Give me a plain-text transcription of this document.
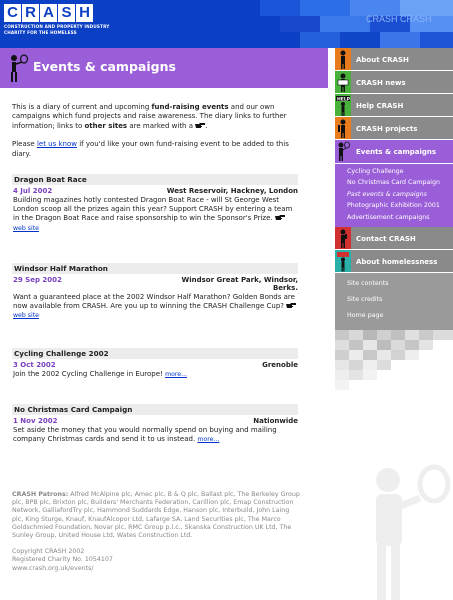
CRASH CRASH
C R A S H
CONSTRUCTION AND PROPERTY INDUSTRY
CHARITY FOR THE HOMELESS
Events & campaigns

This is a diary of current and upcoming fund-raising events and our own campaigns which fund projects and raise awareness. The diary links to further information; links to other sites are marked with a .

Please let us know if you'd like your own fund-raising event to be added to this diary.

Dragon Boat Race
4 Jul 2002	West Reservoir, Hackney, London
Building magazines hotly contested Dragon Boat Race - will St George West London scoop all the prizes again this year? Support CRASH by entering a team in the Dragon Boat Race and raise sponsorship to win the Sponsor's Prize.  web site
Windsor Half Marathon
29 Sep 2002	Windsor Great Park, Windsor, Berks.
Want a guaranteed place at the 2002 Windsor Half Marathon? Golden Bonds are now available from CRASH. Are you up to winning the CRASH Challenge Cup?  web site
Cycling Challenge 2002
3 Oct 2002	Grenoble
Join the 2002 Cycling Challenge in Europe! more...
No Christmas Card Campaign
1 Nov 2002	Nationwide
Set aside the money that you would normally spend on buying and mailing company Christmas cards and send it to us instead. more...
CRASH Patrons: Alfred McAlpine plc, Amec plc, B & Q plc, Ballast plc, The Berkeley Group plc, BPB plc, Brixton plc, Builders' Merchants Federation, Carillion plc, Emap Construction Network, GalliafordTry plc, Hammond Suddards Edge, Hanson plc, Interbuild, John Laing plc, King Sturge, Knauf, KnaufAlcopor Ltd, Lafarge SA, Land Securities plc, The Marco Goldschmied Foundation, Novar plc, RMC Group p.l.c., Skanska Construction UK Ltd, The Sunley Group, United House Ltd, Wates Construction Ltd.
Copyright CRASH 2002
Registered Charity No. 1054107
www.crash.org.uk/events/
About CRASH
CRASH news
HELP
Help CRASH
CRASH projects
Events & campaigns
Cycling Challenge
No Christmas Card Campaign
Past events & campaigns
Photographic Exhibition 2001
Advertisement campaigns
Contact CRASH
About homelessness
Site contents
Site credits
Home page
